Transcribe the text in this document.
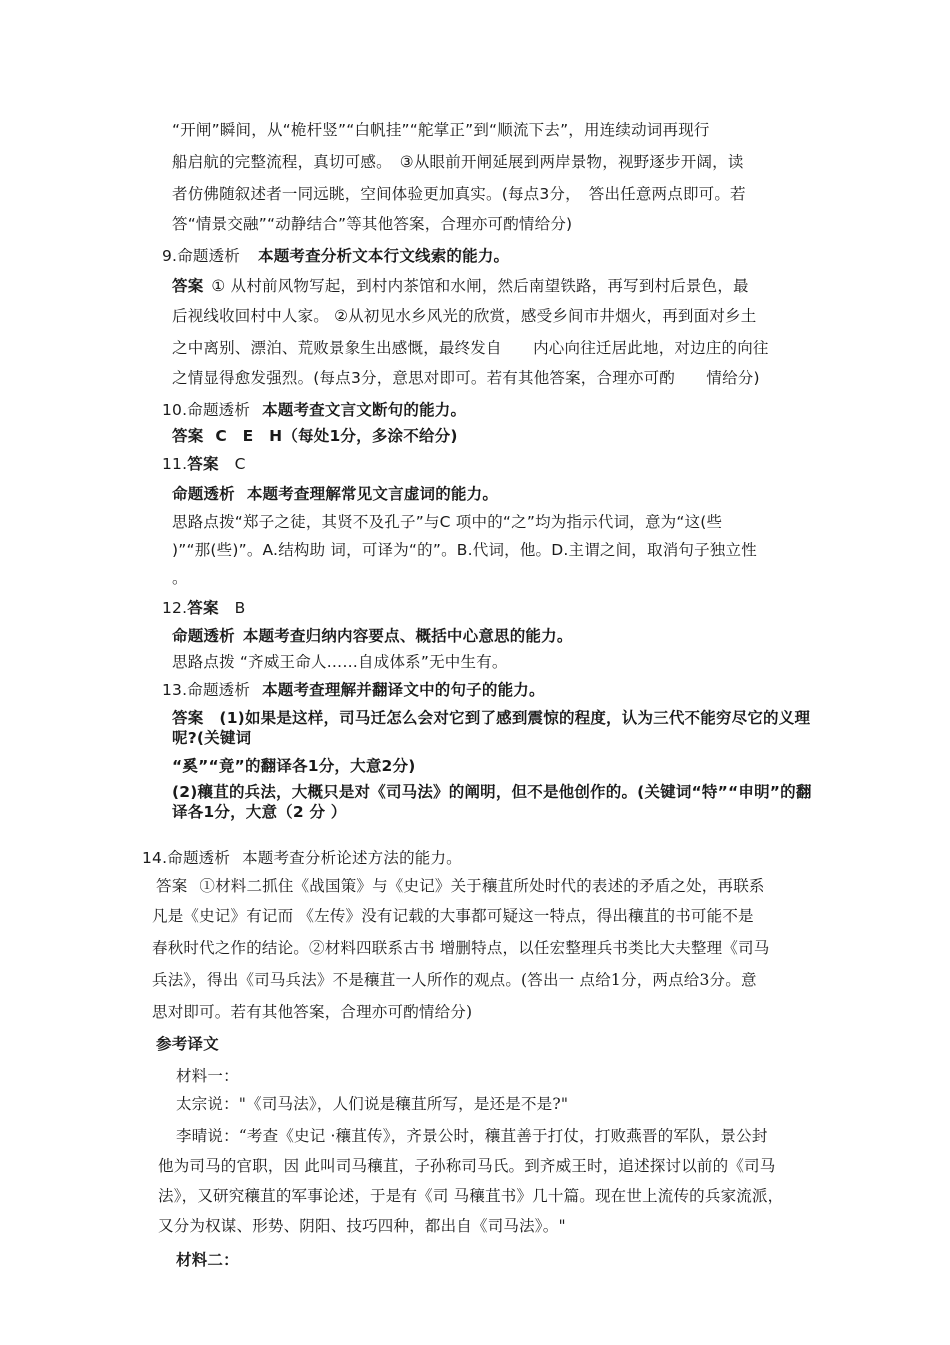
“开闸”瞬间，从“桅杆竖”“白帆挂”“舵掌正”到“顺流下去”，用连续动词再现行
船启航的完整流程，真切可感。　③从眼前开闸延展到两岸景物，视野逐步开阔，读
者仿佛随叙述者一同远眺，空间体验更加真实。(每点3分，　答出任意两点即可。若
答“情景交融”“动静结合”等其他答案，合理亦可酌情给分)
9.命题透析 本题考查分析文本行文线索的能力。
答案 ① 从村前风物写起，到村内茶馆和水闸，然后南望铁路，再写到村后景色，最
后视线收回村中人家。 ②从初见水乡风光的欣赏，感受乡间市井烟火，再到面对乡土
之中离别、漂泊、荒败景象生出感慨，最终发自　　内心向往迁居此地，对边庄的向往
之情显得愈发强烈。(每点3分，意思对即可。若有其他答案，合理亦可酌　　情给分)
10.命题透析 本题考查文言文断句的能力。
答案 C　E　H（每处1分，多涂不给分)
11.答案 C
命题透析 本题考查理解常见文言虚词的能力。
思路点拨“郑子之徒，其贤不及孔子”与C 项中的“之”均为指示代词，意为“这(些
)”“那(些)”。A.结构助 词，可译为“的”。B.代词，他。D.主谓之间，取消句子独立性
。
12.答案 B
命题透析 本题考查归纳内容要点、概括中心意思的能力。
思路点拨 “齐威王命人……自成体系”无中生有。
13.命题透析 本题考查理解并翻译文中的句子的能力。
答案 (1)如果是这样，司马迁怎么会对它到了感到震惊的程度，认为三代不能穷尽它的义理
呢?(关键词
“奚”“竟”的翻译各1分，大意2分)
(2)穰苴的兵法，大概只是对《司马法》的阐明，但不是他创作的。(关键词“特”“申明”的翻
译各1分，大意（2 分 ）
14.命题透析 本题考查分析论述方法的能力。
答案 ①材料二抓住《战国策》与《史记》关于穰苴所处时代的表述的矛盾之处，再联系
凡是《史记》有记而 《左传》没有记载的大事都可疑这一特点，得出穰苴的书可能不是
春秋时代之作的结论。②材料四联系古书 增删特点，以任宏整理兵书类比大夫整理《司马
兵法》，得出《司马兵法》不是穰苴一人所作的观点。(答出一 点给1分，两点给3分。意
思对即可。若有其他答案，合理亦可酌情给分)
参考译文
材料一：
太宗说："《司马法》，人们说是穰苴所写，是还是不是?"
李晴说：“考查《史记 ·穰苴传》，齐景公时，穰苴善于打仗，打败燕晋的军队，景公封
他为司马的官职，因 此叫司马穰苴，子孙称司马氏。到齐威王时，追述探讨以前的《司马
法》，又研究穰苴的军事论述，于是有《司 马穰苴书》几十篇。现在世上流传的兵家流派，
又分为权谋、形势、阴阳、技巧四种，都出自《司马法》。"
材料二：
